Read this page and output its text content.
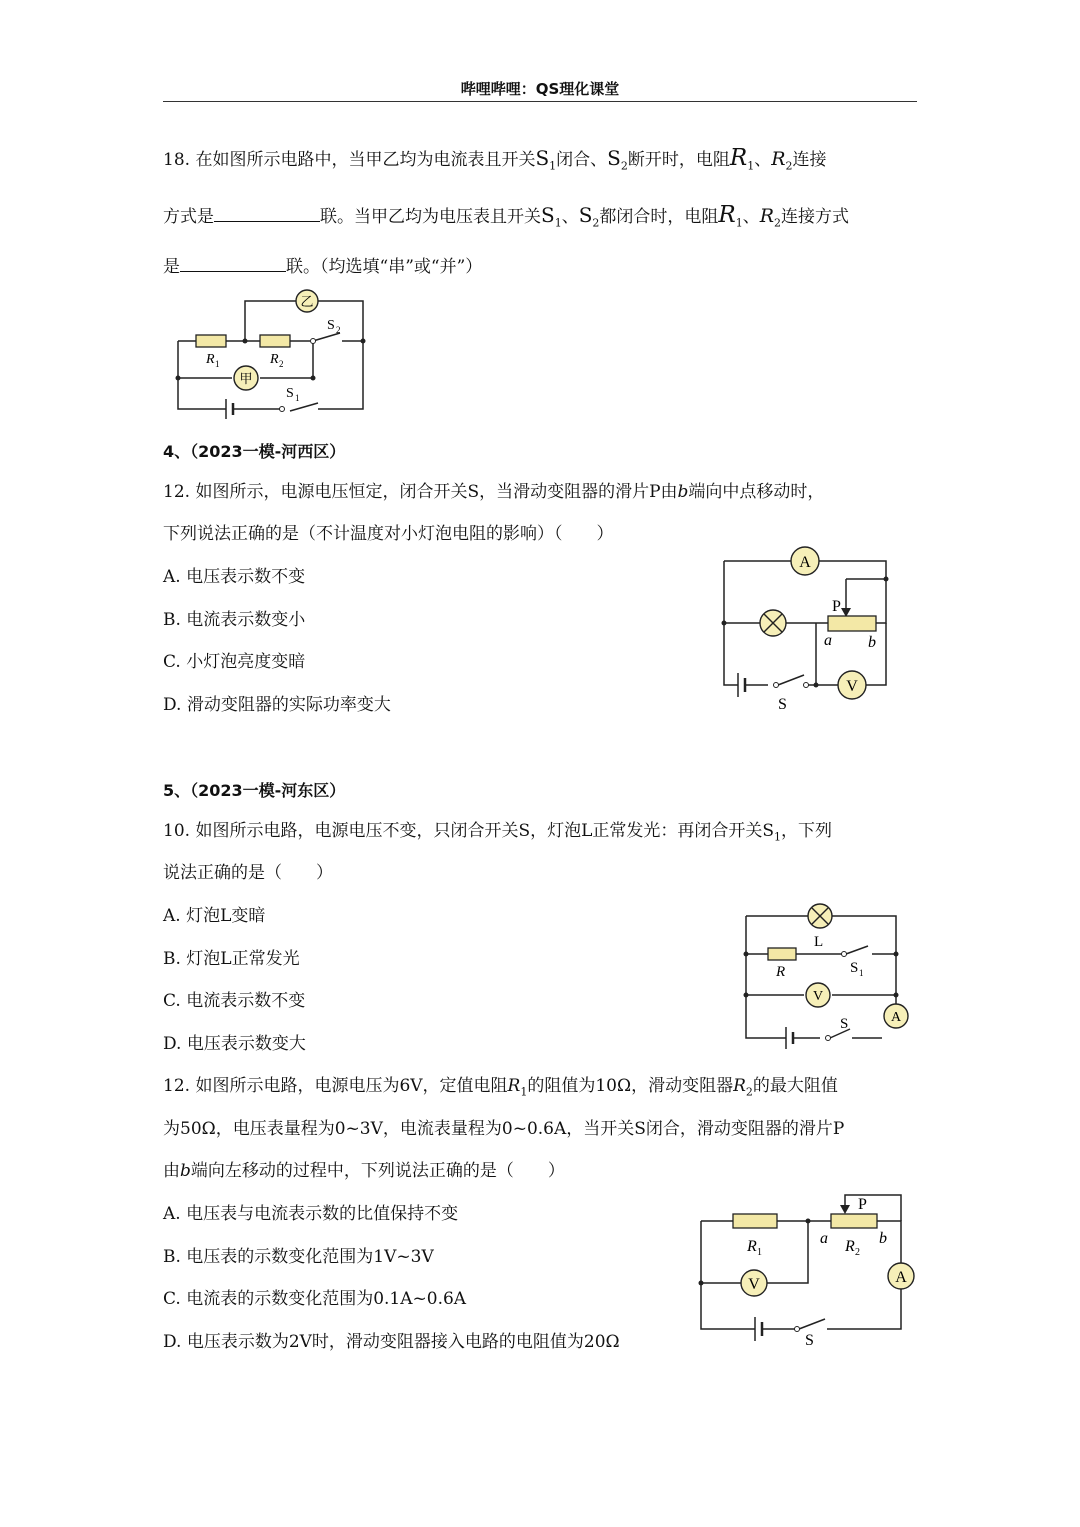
哔哩哔哩：QS理化课堂
18. 在如图所示电路中，当甲乙均为电流表且开关$S_1$闭合、$S_2$断开时，电阻$R_1$、$R_2$连接
方式是	联。当甲乙均为电压表且开关$S_1$、$S_2$都闭合时，电阻$R_1$、$R_2$连接方式
是	联。（均选填“串”或“并”）
乙
甲
R 1	R 2
S 2
S 1
4、（2023一模-河西区）
12. 如图所示，电源电压恒定，闭合开关S，当滑动变阻器的滑片P由b端向中点移动时，
下列说法正确的是（不计温度对小灯泡电阻的影响）（　　）
A. 电压表示数不变
B. 电流表示数变小
C. 小灯泡亮度变暗
D. 滑动变阻器的实际功率变大
A
V
P
a b
S
5、（2023一模-河东区）
10. 如图所示电路，电源电压不变，只闭合开关S，灯泡L正常发光：再闭合开关$S_1$，下列
说法正确的是（　　）
A. 灯泡L变暗
B. 灯泡L正常发光
C. 电流表示数不变
D. 电压表示数变大
V
A
L
R	S 1
S
12. 如图所示电路，电源电压为6V，定值电阻$R_1$的阻值为10Ω，滑动变阻器$R_2$的最大阻值
为50Ω，电压表量程为0~3V，电流表量程为0~0.6A，当开关S闭合，滑动变阻器的滑片P
由b端向左移动的过程中，下列说法正确的是（　　）
A. 电压表与电流表示数的比值保持不变
B. 电压表的示数变化范围为1V~3V
C. 电流表的示数变化范围为0.1A~0.6A
D. 电压表示数为2V时，滑动变阻器接入电路的电阻值为20Ω
V	A
R 1	R 2
a	b
P
S
